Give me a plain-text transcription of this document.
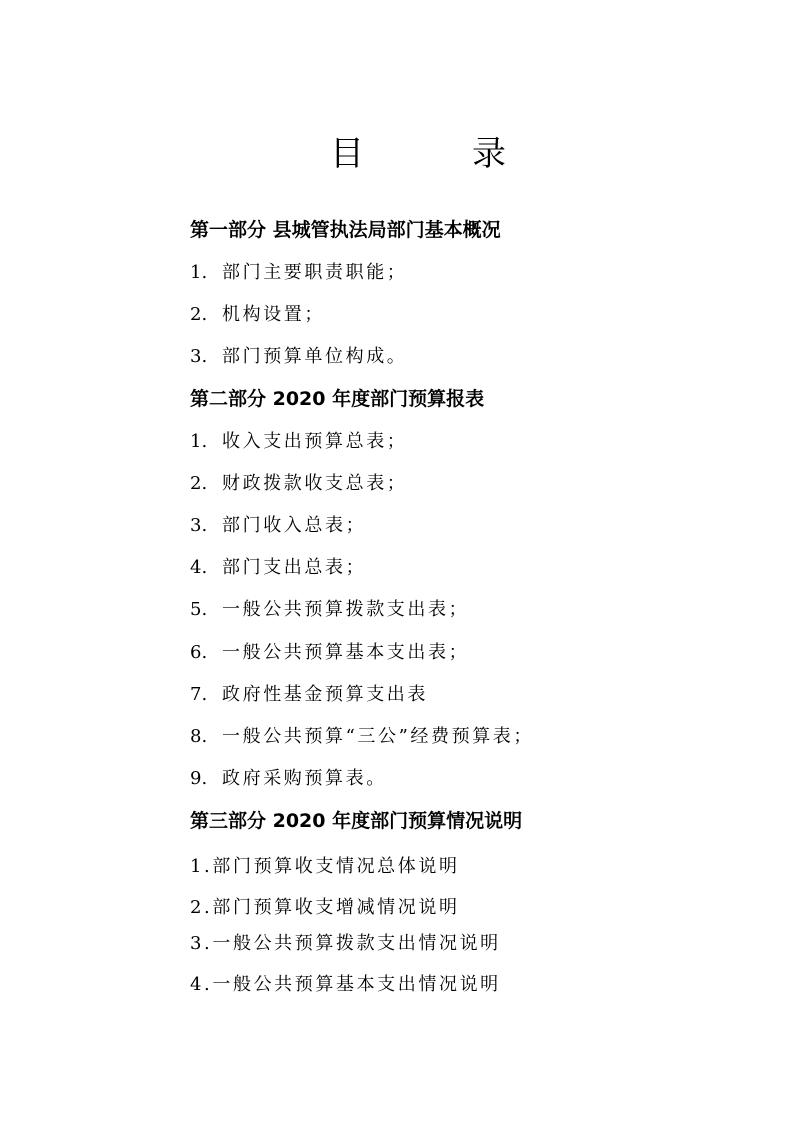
目	录
第一部分 县城管执法局部门基本概况
1. 部门主要职责职能；
2. 机构设置；
3. 部门预算单位构成。
第二部分 2020 年度部门预算报表
1. 收入支出预算总表；
2. 财政拨款收支总表；
3. 部门收入总表；
4. 部门支出总表；
5. 一般公共预算拨款支出表；
6. 一般公共预算基本支出表；
7. 政府性基金预算支出表
8. 一般公共预算“三公”经费预算表；
9. 政府采购预算表。
第三部分 2020 年度部门预算情况说明
1.部门预算收支情况总体说明
2.部门预算收支增减情况说明
3.一般公共预算拨款支出情况说明
4.一般公共预算基本支出情况说明
